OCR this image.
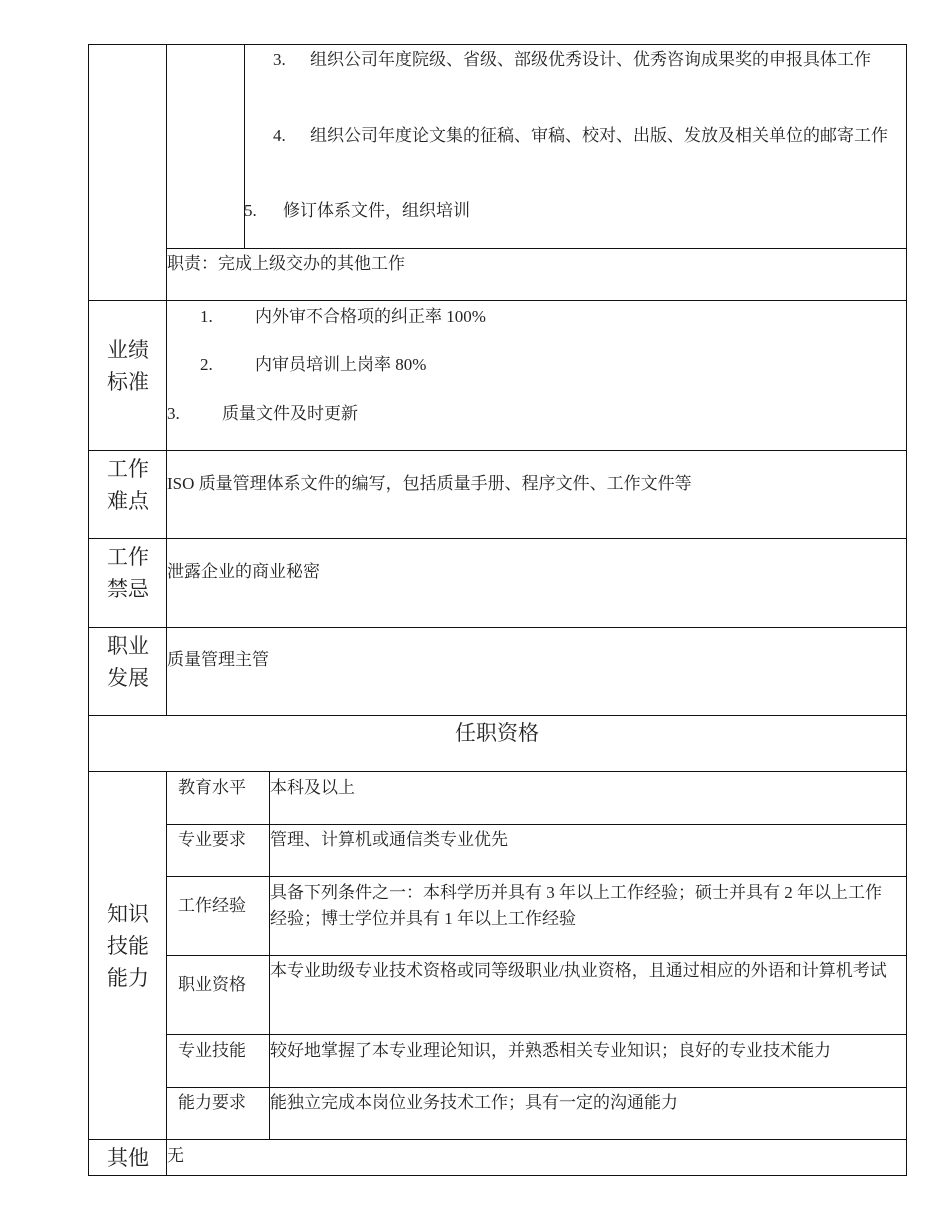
3. 组织公司年度院级、省级、部级优秀设计、优秀咨询成果奖的申报具体工作
4. 组织公司年度论文集的征稿、审稿、校对、出版、发放及相关单位的邮寄工作
5. 修订体系文件，组织培训
职责：完成上级交办的其他工作
业绩标准
1. 内外审不合格项的纠正率 100%
2. 内审员培训上岗率 80%
3. 质量文件及时更新
工作难点
ISO 质量管理体系文件的编写，包括质量手册、程序文件、工作文件等
工作禁忌
泄露企业的商业秘密
职业发展
质量管理主管
任职资格
知识技能能力
教育水平 本科及以上
专业要求 管理、计算机或通信类专业优先
工作经验
具备下列条件之一：本科学历并具有 3 年以上工作经验；硕士并具有 2 年以上工作经验；博士学位并具有 1 年以上工作经验
职业资格
本专业助级专业技术资格或同等级职业/执业资格，且通过相应的外语和计算机考试
专业技能 较好地掌握了本专业理论知识，并熟悉相关专业知识；良好的专业技术能力
能力要求 能独立完成本岗位业务技术工作；具有一定的沟通能力
其他	无
